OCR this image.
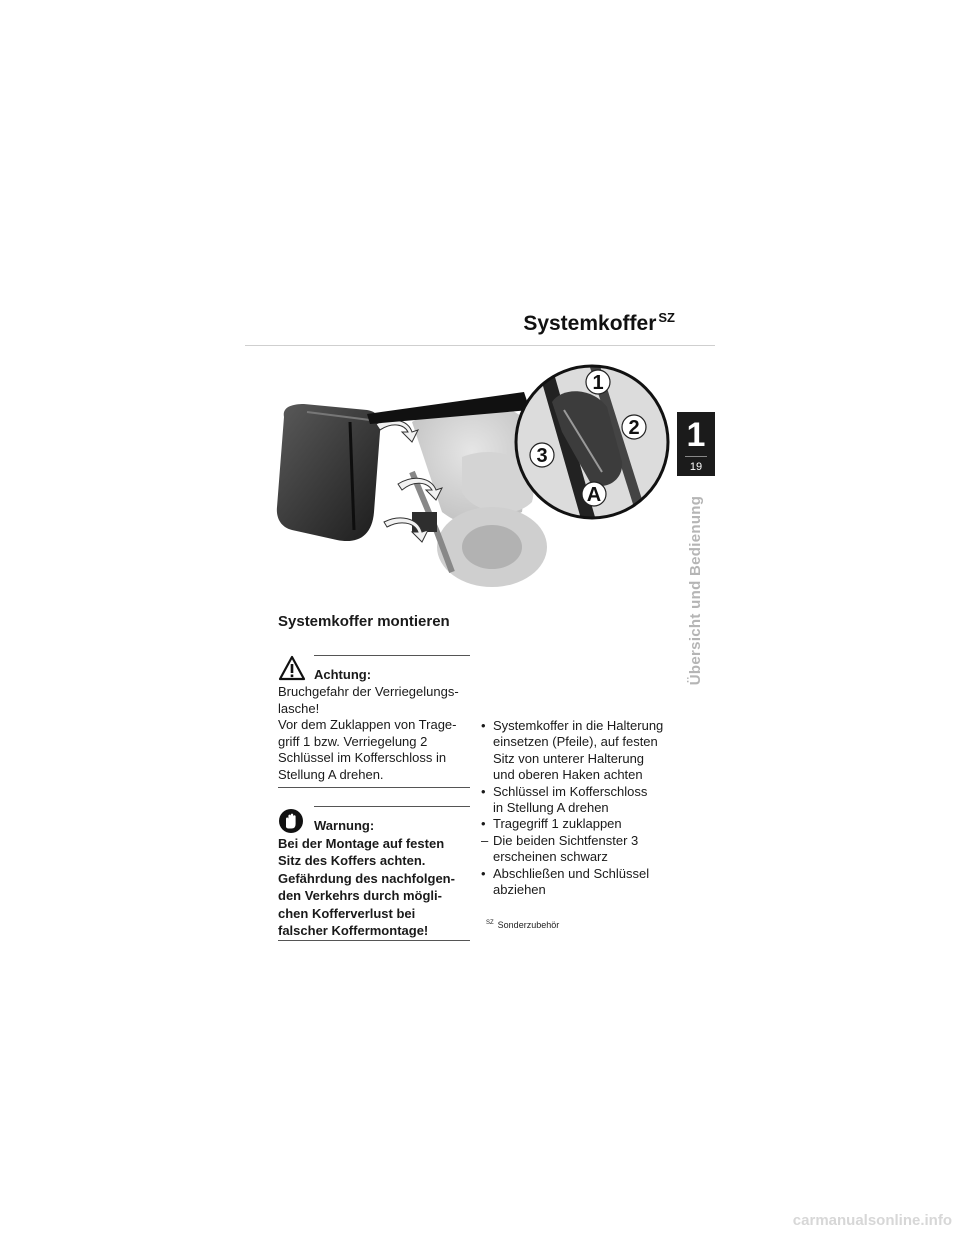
Systemkoffer $^{SZ}$
1
19
Übersicht und Bedienung
1
2
3
A
Systemkoffer montieren
Achtung:
Bruchgefahr der Verriegelungs-
lasche!
Vor dem Zuklappen von Trage-
griff 1 bzw. Verriegelung 2
Schlüssel im Kofferschloss in
Stellung A drehen.
Warnung:
Bei der Montage auf festen
Sitz des Koffers achten.
Gefährdung des nachfolgen-
den Verkehrs durch mögli-
chen Kofferverlust bei
falscher Koffermontage!
• Systemkoffer in die Halterung
einsetzen (Pfeile), auf festen
Sitz von unterer Halterung
und oberen Haken achten
• Schlüssel im Kofferschloss
in Stellung A drehen
• Tragegriff 1 zuklappen
– Die beiden Sichtfenster 3
erscheinen schwarz
• Abschließen und Schlüssel
abziehen
$^{SZ}$ Sonderzubehör
carmanualsonline.info
